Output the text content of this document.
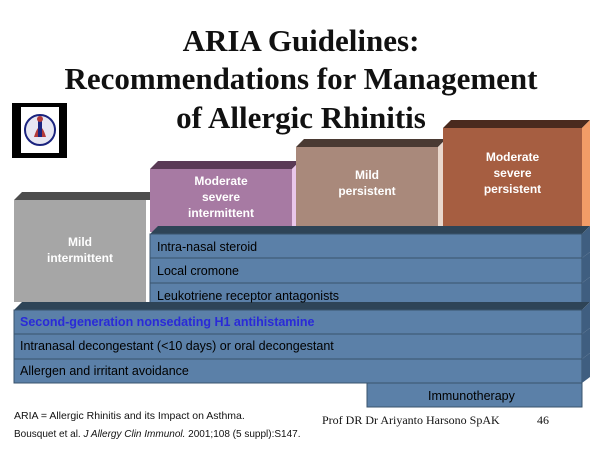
ARIA Guidelines:
Recommendations for Management
of Allergic Rhinitis
Mild
intermittent
Moderate
severe
intermittent
Mild
persistent
Moderate
severe
persistent
Intra-nasal steroid
Local cromone
Leukotriene receptor antagonists
Second-generation nonsedating H1 antihistamine
Intranasal decongestant (<10 days) or oral decongestant
Allergen and irritant avoidance
Immunotherapy
ARIA = Allergic Rhinitis and its Impact on Asthma.
Bousquet et al. J Allergy Clin Immunol. 2001;108 (5 suppl):S147.
Prof DR Dr Ariyanto Harsono SpAK	46
